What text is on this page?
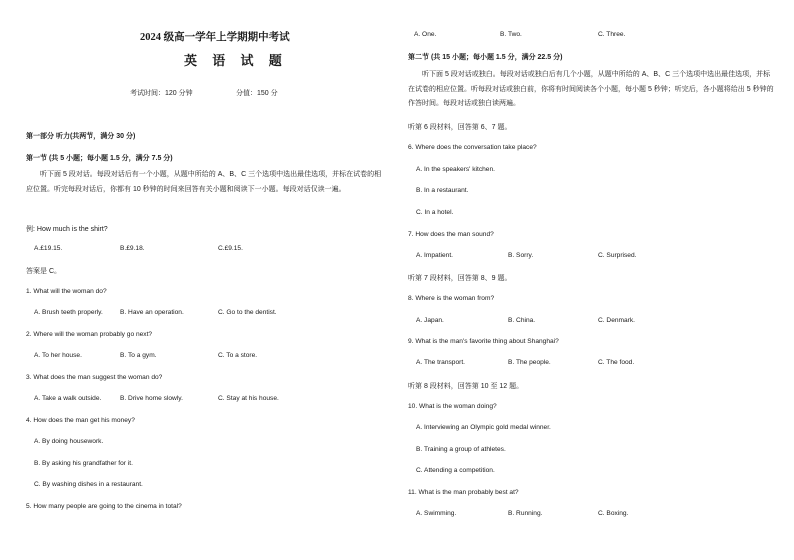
2024 级高一学年上学期期中考试
英 语 试 题
考试时间：120 分钟	分值：150 分
第一部分 听力(共两节，满分 30 分)
第一节 (共 5 小题；每小题 1.5 分，满分 7.5 分)
听下面 5 段对话。每段对话后有一个小题，从题中所给的 A、B、C 三个选项中选出最佳选项，并标在试卷的相应位置。听完每段对话后，你都有 10 秒钟的时间来回答有关小题和阅读下一小题。每段对话仅读一遍。
例: How much is the shirt?
A.£19.15.	B.£9.18.	C.£9.15.
答案是 C。
1. What will the woman do?
A. Brush teeth properly.	B. Have an operation.	C. Go to the dentist.
2. Where will the woman probably go next?
A. To her house.	B. To a gym.	C. To a store.
3. What does the man suggest the woman do?
A. Take a walk outside.	B. Drive home slowly.	C. Stay at his house.
4. How does the man get his money?
A. By doing housework.
B. By asking his grandfather for it.
C. By washing dishes in a restaurant.
5. How many people are going to the cinema in total?
A. One.	B. Two.	C. Three.
第二节 (共 15 小题；每小题 1.5 分，满分 22.5 分)
听下面 5 段对话或独白。每段对话或独白后有几个小题，从题中所给的 A、B、C 三个选项中选出最佳选项，并标在试卷的相应位置。听每段对话或独白前，你将有时间阅读各个小题，每小题 5 秒钟；听完后，各小题将给出 5 秒钟的作答时间。每段对话或独白读两遍。
听第 6 段材料，回答第 6、7 题。
6. Where does the conversation take place?
A. In the speakers' kitchen.
B. In a restaurant.
C. In a hotel.
7. How does the man sound?
A. Impatient.	B. Sorry.	C. Surprised.
听第 7 段材料，回答第 8、9 题。
8. Where is the woman from?
A. Japan.	B. China.	C. Denmark.
9. What is the man's favorite thing about Shanghai?
A. The transport.	B. The people.	C. The food.
听第 8 段材料，回答第 10 至 12 题。
10. What is the woman doing?
A. Interviewing an Olympic gold medal winner.
B. Training a group of athletes.
C. Attending a competition.
11. What is the man probably best at?
A. Swimming.	B. Running.	C. Boxing.
